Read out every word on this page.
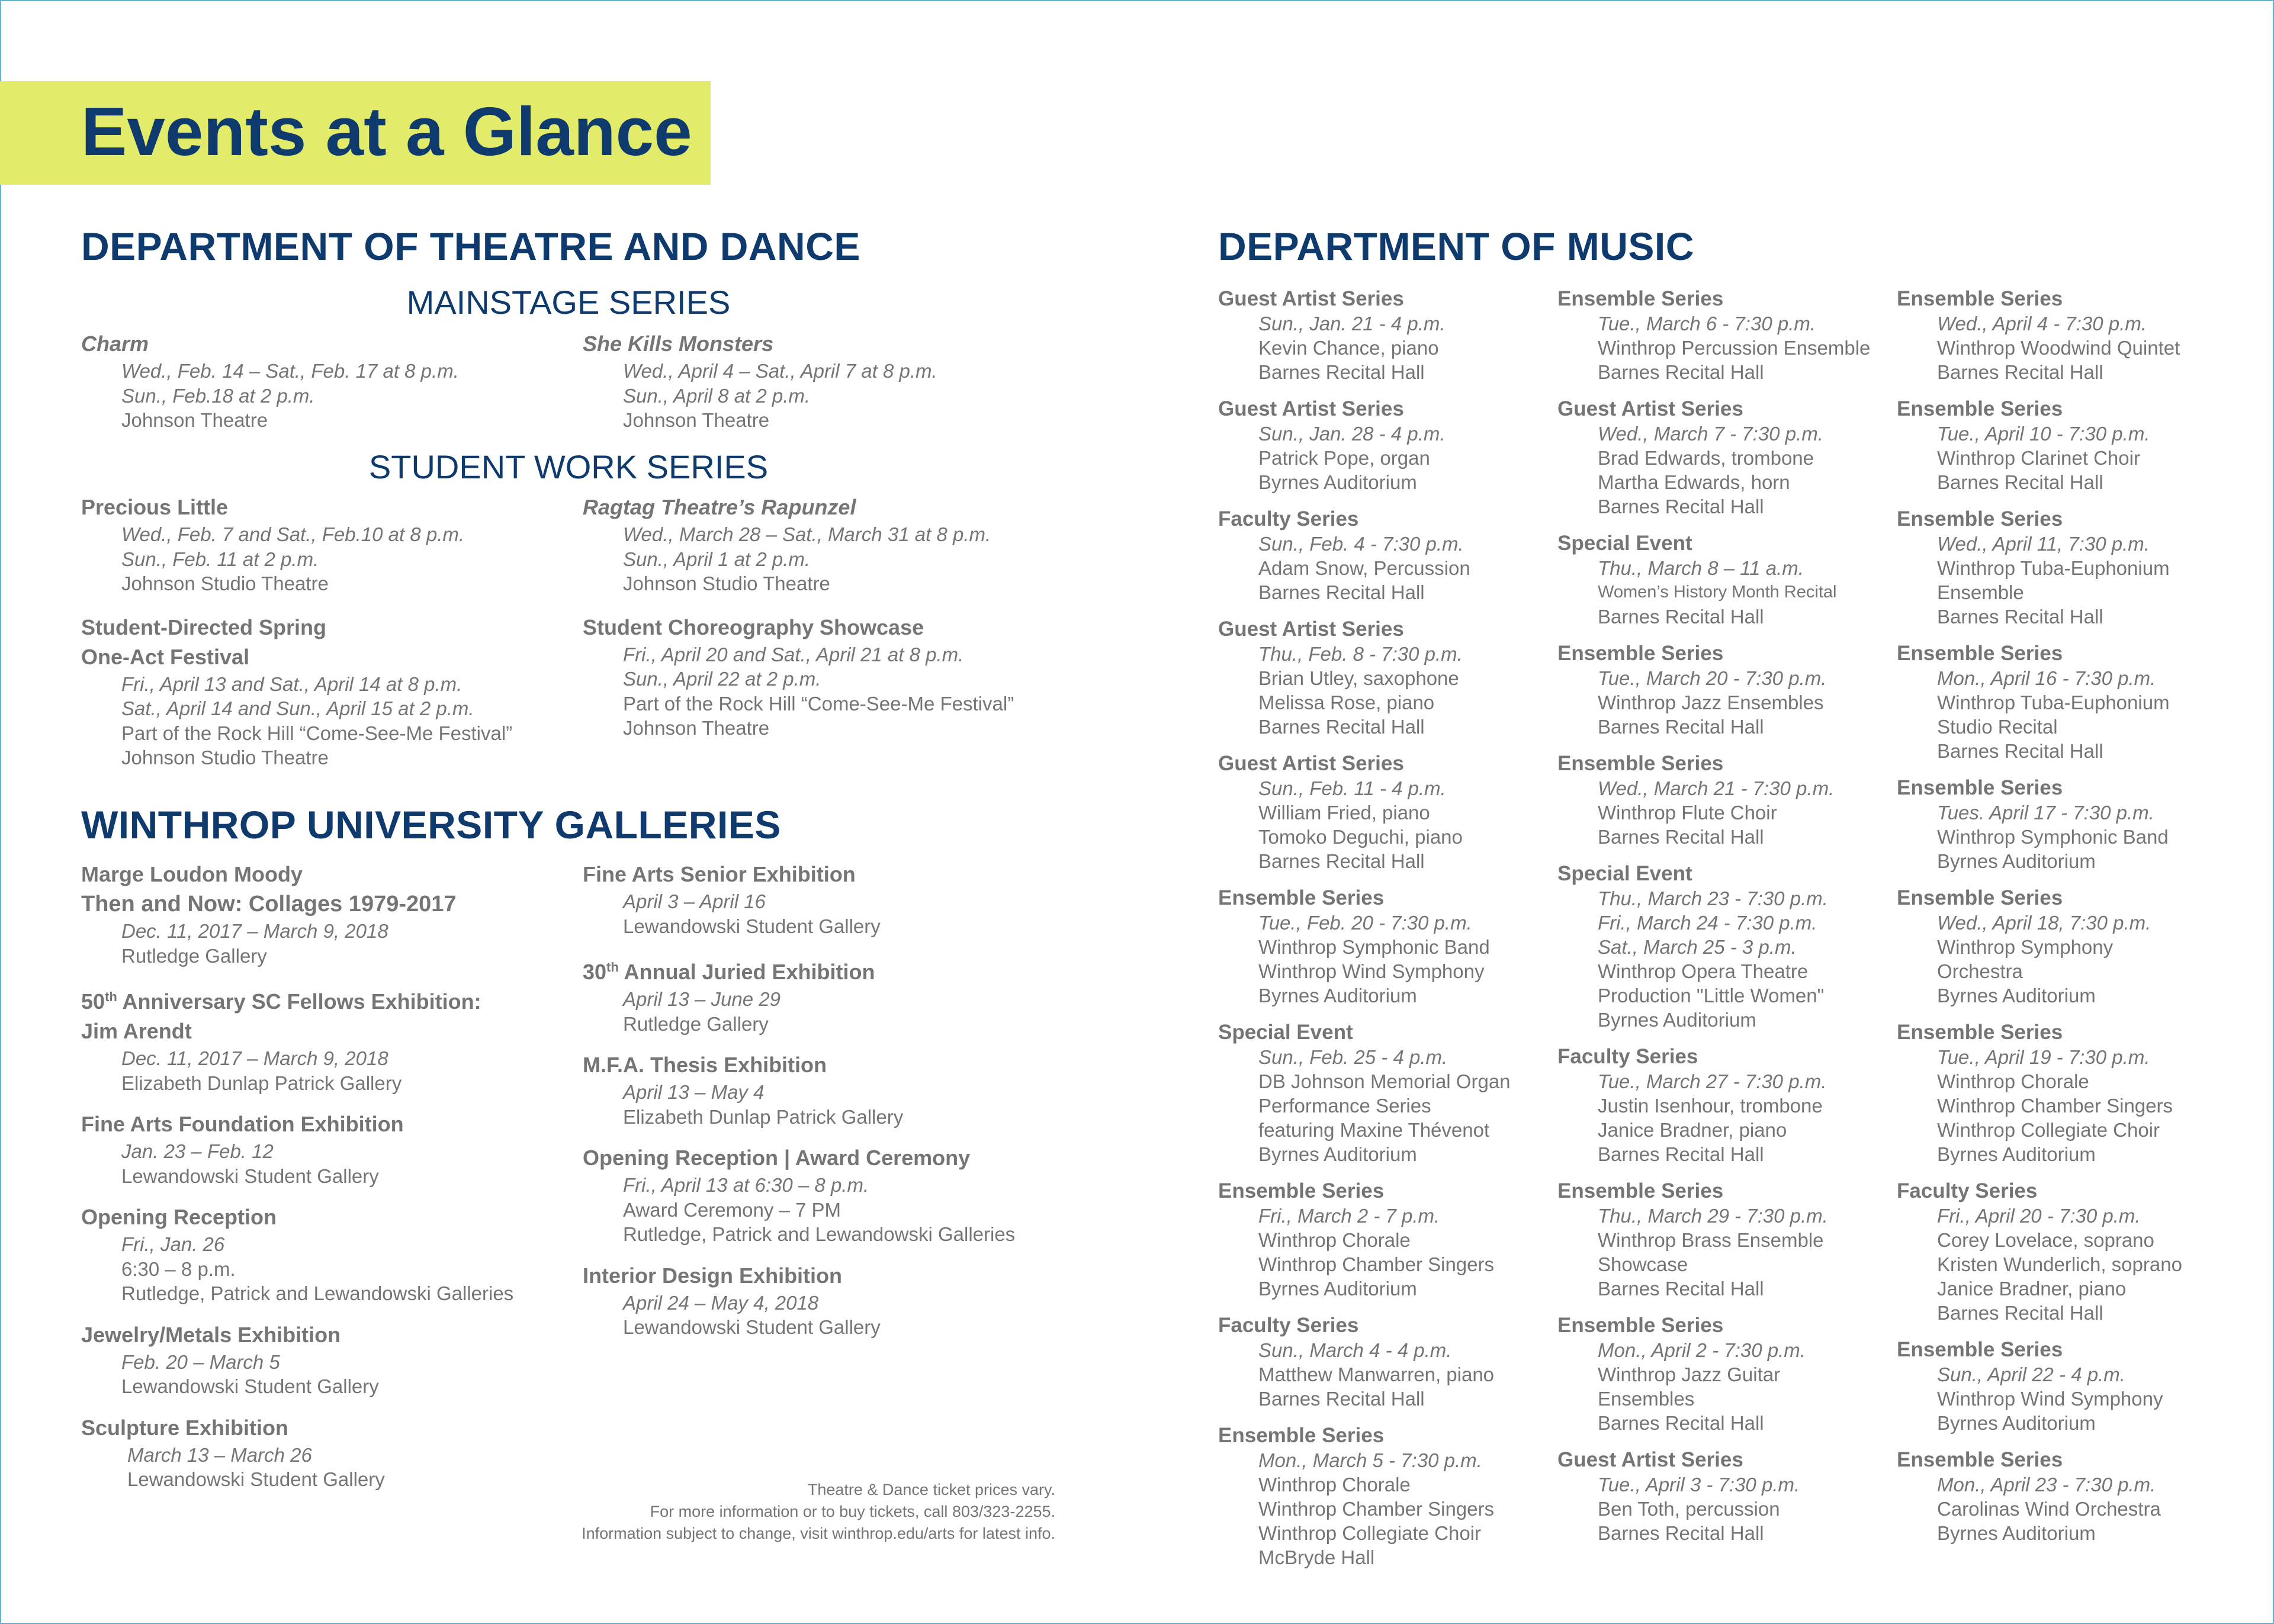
Events at a Glance
DEPARTMENT OF THEATRE AND DANCE
MAINSTAGE SERIES
Charm
Wed., Feb. 14 – Sat., Feb. 17 at 8 p.m.
Sun., Feb.18 at 2 p.m.
Johnson Theatre
She Kills Monsters
Wed., April 4 – Sat., April 7 at 8 p.m.
Sun., April 8 at 2 p.m.
Johnson Theatre
STUDENT WORK SERIES
Precious Little
Wed., Feb. 7 and Sat., Feb.10 at 8 p.m.
Sun., Feb. 11 at 2 p.m.
Johnson Studio Theatre
Student-Directed Spring
One-Act Festival
Fri., April 13 and Sat., April 14 at 8 p.m.
Sat., April 14 and Sun., April 15 at 2 p.m.
Part of the Rock Hill “Come-See-Me Festival”
Johnson Studio Theatre
Ragtag Theatre’s Rapunzel
Wed., March 28 – Sat., March 31 at 8 p.m.
Sun., April 1 at 2 p.m.
Johnson Studio Theatre
Student Choreography Showcase
Fri., April 20 and Sat., April 21 at 8 p.m.
Sun., April 22 at 2 p.m.
Part of the Rock Hill “Come-See-Me Festival”
Johnson Theatre
WINTHROP UNIVERSITY GALLERIES
Marge Loudon Moody
Then and Now: Collages 1979-2017
Dec. 11, 2017 – March 9, 2018
Rutledge Gallery
50th Anniversary SC Fellows Exhibition:
Jim Arendt
Dec. 11, 2017 – March 9, 2018
Elizabeth Dunlap Patrick Gallery
Fine Arts Foundation Exhibition
Jan. 23 – Feb. 12
Lewandowski Student Gallery
Opening Reception
Fri., Jan. 26
6:30 – 8 p.m.
Rutledge, Patrick and Lewandowski Galleries
Jewelry/Metals Exhibition
Feb. 20 – March 5
Lewandowski Student Gallery
Sculpture Exhibition
March 13 – March 26
Lewandowski Student Gallery
Fine Arts Senior Exhibition
April 3 – April 16
Lewandowski Student Gallery
30th Annual Juried Exhibition
April 13 – June 29
Rutledge Gallery
M.F.A. Thesis Exhibition
April 13 – May 4
Elizabeth Dunlap Patrick Gallery
Opening Reception | Award Ceremony
Fri., April 13 at 6:30 – 8 p.m.
Award Ceremony – 7 PM
Rutledge, Patrick and Lewandowski Galleries
Interior Design Exhibition
April 24 – May 4, 2018
Lewandowski Student Gallery
Theatre & Dance ticket prices vary.
For more information or to buy tickets, call 803/323-2255.
Information subject to change, visit winthrop.edu/arts for latest info.
DEPARTMENT OF MUSIC
Guest Artist Series
Sun., Jan. 21 - 4 p.m.
Kevin Chance, piano
Barnes Recital Hall
Guest Artist Series
Sun., Jan. 28 - 4 p.m.
Patrick Pope, organ
Byrnes Auditorium
Faculty Series
Sun., Feb. 4 - 7:30 p.m.
Adam Snow, Percussion
Barnes Recital Hall
Guest Artist Series
Thu., Feb. 8 - 7:30 p.m.
Brian Utley, saxophone
Melissa Rose, piano
Barnes Recital Hall
Guest Artist Series
Sun., Feb. 11 - 4 p.m.
William Fried, piano
Tomoko Deguchi, piano
Barnes Recital Hall
Ensemble Series
Tue., Feb. 20 - 7:30 p.m.
Winthrop Symphonic Band
Winthrop Wind Symphony
Byrnes Auditorium
Special Event
Sun., Feb. 25 - 4 p.m.
DB Johnson Memorial Organ
Performance Series
featuring Maxine Thévenot
Byrnes Auditorium
Ensemble Series
Fri., March 2 - 7 p.m.
Winthrop Chorale
Winthrop Chamber Singers
Byrnes Auditorium
Faculty Series
Sun., March 4 - 4 p.m.
Matthew Manwarren, piano
Barnes Recital Hall
Ensemble Series
Mon., March 5 - 7:30 p.m.
Winthrop Chorale
Winthrop Chamber Singers
Winthrop Collegiate Choir
McBryde Hall
Ensemble Series
Tue., March 6 - 7:30 p.m.
Winthrop Percussion Ensemble
Barnes Recital Hall
Guest Artist Series
Wed., March 7 - 7:30 p.m.
Brad Edwards, trombone
Martha Edwards, horn
Barnes Recital Hall
Special Event
Thu., March 8 – 11 a.m.
Women’s History Month Recital
Barnes Recital Hall
Ensemble Series
Tue., March 20 - 7:30 p.m.
Winthrop Jazz Ensembles
Barnes Recital Hall
Ensemble Series
Wed., March 21 - 7:30 p.m.
Winthrop Flute Choir
Barnes Recital Hall
Special Event
Thu., March 23 - 7:30 p.m.
Fri., March 24 - 7:30 p.m.
Sat., March 25 - 3 p.m.
Winthrop Opera Theatre
Production "Little Women"
Byrnes Auditorium
Faculty Series
Tue., March 27 - 7:30 p.m.
Justin Isenhour, trombone
Janice Bradner, piano
Barnes Recital Hall
Ensemble Series
Thu., March 29 - 7:30 p.m.
Winthrop Brass Ensemble
Showcase
Barnes Recital Hall
Ensemble Series
Mon., April 2 - 7:30 p.m.
Winthrop Jazz Guitar
Ensembles
Barnes Recital Hall
Guest Artist Series
Tue., April 3 - 7:30 p.m.
Ben Toth, percussion
Barnes Recital Hall
Ensemble Series
Wed., April 4 - 7:30 p.m.
Winthrop Woodwind Quintet
Barnes Recital Hall
Ensemble Series
Tue., April 10 - 7:30 p.m.
Winthrop Clarinet Choir
Barnes Recital Hall
Ensemble Series
Wed., April 11, 7:30 p.m.
Winthrop Tuba-Euphonium
Ensemble
Barnes Recital Hall
Ensemble Series
Mon., April 16 - 7:30 p.m.
Winthrop Tuba-Euphonium
Studio Recital
Barnes Recital Hall
Ensemble Series
Tues. April 17 - 7:30 p.m.
Winthrop Symphonic Band
Byrnes Auditorium
Ensemble Series
Wed., April 18, 7:30 p.m.
Winthrop Symphony
Orchestra
Byrnes Auditorium
Ensemble Series
Tue., April 19 - 7:30 p.m.
Winthrop Chorale
Winthrop Chamber Singers
Winthrop Collegiate Choir
Byrnes Auditorium
Faculty Series
Fri., April 20 - 7:30 p.m.
Corey Lovelace, soprano
Kristen Wunderlich, soprano
Janice Bradner, piano
Barnes Recital Hall
Ensemble Series
Sun., April 22 - 4 p.m.
Winthrop Wind Symphony
Byrnes Auditorium
Ensemble Series
Mon., April 23 - 7:30 p.m.
Carolinas Wind Orchestra
Byrnes Auditorium
